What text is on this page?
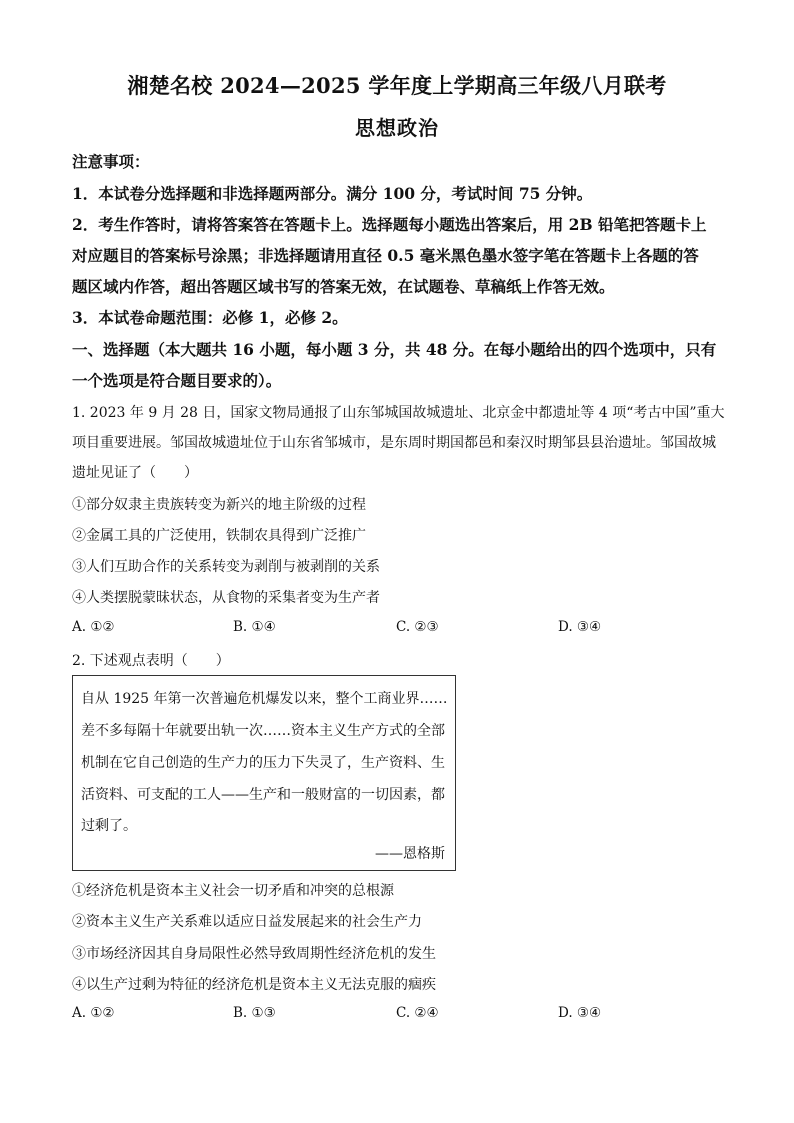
湘楚名校 2024—2025 学年度上学期高三年级八月联考
思想政治
注意事项：
1．本试卷分选择题和非选择题两部分。满分 100 分，考试时间 75 分钟。
2．考生作答时，请将答案答在答题卡上。选择题每小题选出答案后，用 2B 铅笔把答题卡上
对应题目的答案标号涂黑；非选择题请用直径 0.5 毫米黑色墨水签字笔在答题卡上各题的答
题区域内作答，超出答题区域书写的答案无效，在试题卷、草稿纸上作答无效。
3．本试卷命题范围：必修 1，必修 2。
一、选择题（本大题共 16 小题，每小题 3 分，共 48 分。在每小题给出的四个选项中，只有
一个选项是符合题目要求的）。
1. 2023 年 9 月 28 日，国家文物局通报了山东邹城国故城遗址、北京金中都遗址等 4 项“考古中国”重大
项目重要进展。邹国故城遗址位于山东省邹城市，是东周时期国都邑和秦汉时期邹县县治遗址。邹国故城
遗址见证了（　　）
①部分奴隶主贵族转变为新兴的地主阶级的过程
②金属工具的广泛使用，铁制农具得到广泛推广
③人们互助合作的关系转变为剥削与被剥削的关系
④人类摆脱蒙昧状态，从食物的采集者变为生产者
A. ①②	B. ①④	C. ②③	D. ③④
2. 下述观点表明（　　）
自从 1925 年第一次普遍危机爆发以来，整个工商业界……
差不多每隔十年就要出轨一次……资本主义生产方式的全部
机制在它自己创造的生产力的压力下失灵了，生产资料、生
活资料、可支配的工人——生产和一般财富的一切因素，都
过剩了。
——恩格斯
①经济危机是资本主义社会一切矛盾和冲突的总根源
②资本主义生产关系难以适应日益发展起来的社会生产力
③市场经济因其自身局限性必然导致周期性经济危机的发生
④以生产过剩为特征的经济危机是资本主义无法克服的痼疾
A. ①②	B. ①③	C. ②④	D. ③④
